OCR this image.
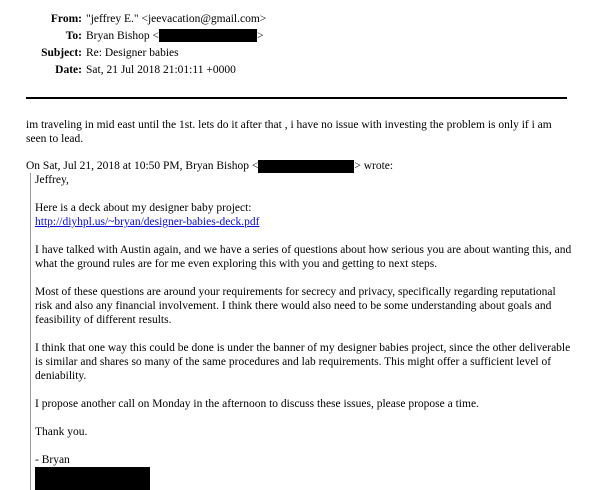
From: "jeffrey E." <jeevacation@gmail.com>
To: Bryan Bishop <	>
Subject: Re: Designer babies
Date: Sat, 21 Jul 2018 21:01:11 +0000

im traveling in mid east until the 1st. lets do it after that , i have no issue with investing the problem is only if i am seen to lead.

On Sat, Jul 21, 2018 at 10:50 PM, Bryan Bishop <	> wrote:

Jeffrey,

Here is a deck about my designer baby project:
http://diyhpl.us/~bryan/designer-babies-deck.pdf

I have talked with Austin again, and we have a series of questions about how serious you are about wanting this, and what the ground rules are for me even exploring this with you and getting to next steps.

Most of these questions are around your requirements for secrecy and privacy, specifically regarding reputational risk and also any financial involvement. I think there would also need to be some understanding about goals and feasibility of different results.

I think that one way this could be done is under the banner of my designer babies project, since the other deliverable is similar and shares so many of the same procedures and lab requirements. This might offer a sufficient level of deniability.

I propose another call on Monday in the afternoon to discuss these issues, please propose a time.

Thank you.

- Bryan
